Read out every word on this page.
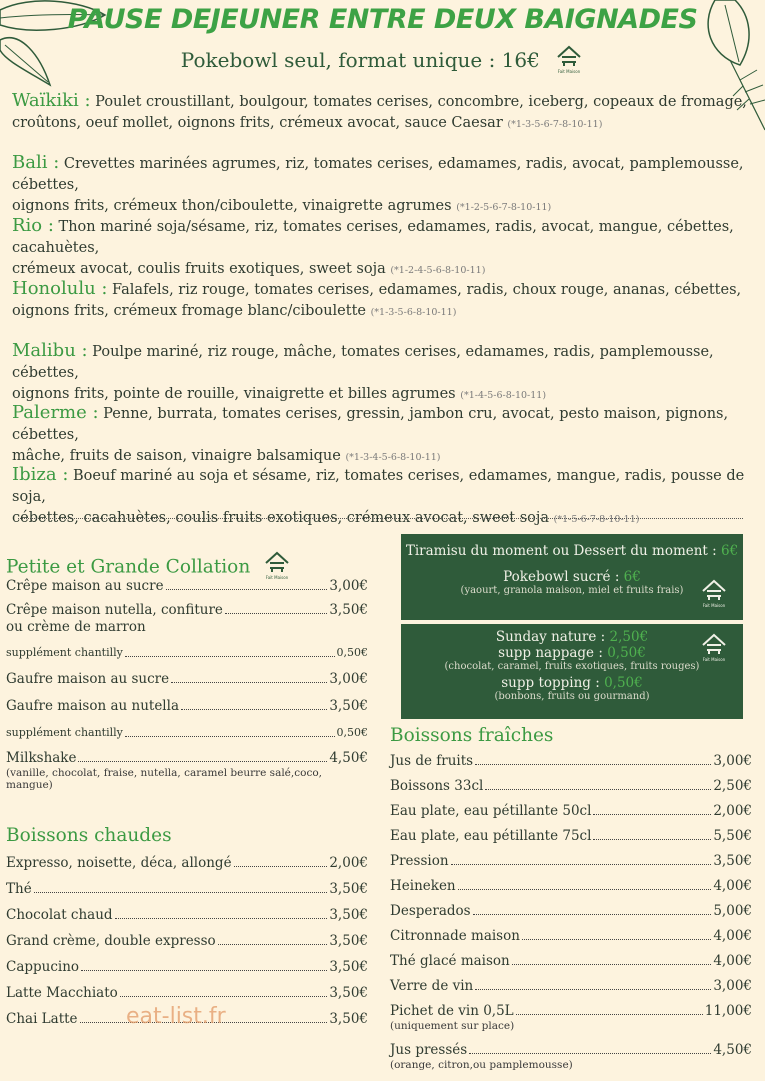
PAUSE DEJEUNER ENTRE DEUX BAIGNADES
Pokebowl seul, format unique : 16€	Fait Maison
Waïkiki : Poulet croustillant, boulgour, tomates cerises, concombre, iceberg, copeaux de fromage,
croûtons, oeuf mollet, oignons frits, crémeux avocat, sauce Caesar (*1-3-5-6-7-8-10-11)
Bali : Crevettes marinées agrumes, riz, tomates cerises, edamames, radis, avocat, pamplemousse, cébettes,
oignons frits, crémeux thon/ciboulette, vinaigrette agrumes (*1-2-5-6-7-8-10-11)
Rio : Thon mariné soja/sésame, riz, tomates cerises, edamames, radis, avocat, mangue, cébettes, cacahuètes,
crémeux avocat, coulis fruits exotiques, sweet soja (*1-2-4-5-6-8-10-11)
Honolulu : Falafels, riz rouge, tomates cerises, edamames, radis, choux rouge, ananas, cébettes,
oignons frits, crémeux fromage blanc/ciboulette (*1-3-5-6-8-10-11)
Malibu : Poulpe mariné, riz rouge, mâche, tomates cerises, edamames, radis, pamplemousse, cébettes,
oignons frits, pointe de rouille, vinaigrette et billes agrumes (*1-4-5-6-8-10-11)
Palerme : Penne, burrata, tomates cerises, gressin, jambon cru, avocat, pesto maison, pignons, cébettes,
mâche, fruits de saison, vinaigre balsamique (*1-3-4-5-6-8-10-11)
Ibiza : Boeuf mariné au soja et sésame, riz, tomates cerises, edamames, mangue, radis, pousse de soja,
cébettes, cacahuètes, coulis fruits exotiques, crémeux avocat, sweet soja (*1-5-6-7-8-10-11)
Petite et Grande Collation	Fait Maison
Crêpe maison au sucre	3,00€
Crêpe maison nutella, confiture	3,50€
ou crème de marron
supplément chantilly	0,50€
Gaufre maison au sucre	3,00€
Gaufre maison au nutella	3,50€
supplément chantilly	0,50€
Milkshake	4,50€
(vanille, chocolat, fraise, nutella, caramel beurre salé,coco, mangue)
Boissons chaudes
Expresso, noisette, déca, allongé	2,00€
Thé	3,50€
Chocolat chaud	3,50€
Grand crème, double expresso	3,50€
Cappucino	3,50€
Latte Macchiato	3,50€
Chai Latte	3,50€
Tiramisu du moment ou Dessert du moment : 6€
Pokebowl sucré : 6€
(yaourt, granola maison, miel et fruits frais)
Fait Maison
Sunday nature : 2,50€
supp nappage : 0,50€
(chocolat, caramel, fruits exotiques, fruits rouges)
supp topping : 0,50€
(bonbons, fruits ou gourmand)
Fait Maison
Boissons fraîches
Jus de fruits	3,00€
Boissons 33cl	2,50€
Eau plate, eau pétillante 50cl	2,00€
Eau plate, eau pétillante 75cl	5,50€
Pression	3,50€
Heineken	4,00€
Desperados	5,00€
Citronnade maison	4,00€
Thé glacé maison	4,00€
Verre de vin	3,00€
Pichet de vin 0,5L	11,00€
(uniquement sur place)
Jus pressés	4,50€
(orange, citron,ou pamplemousse)
eat-list.fr
